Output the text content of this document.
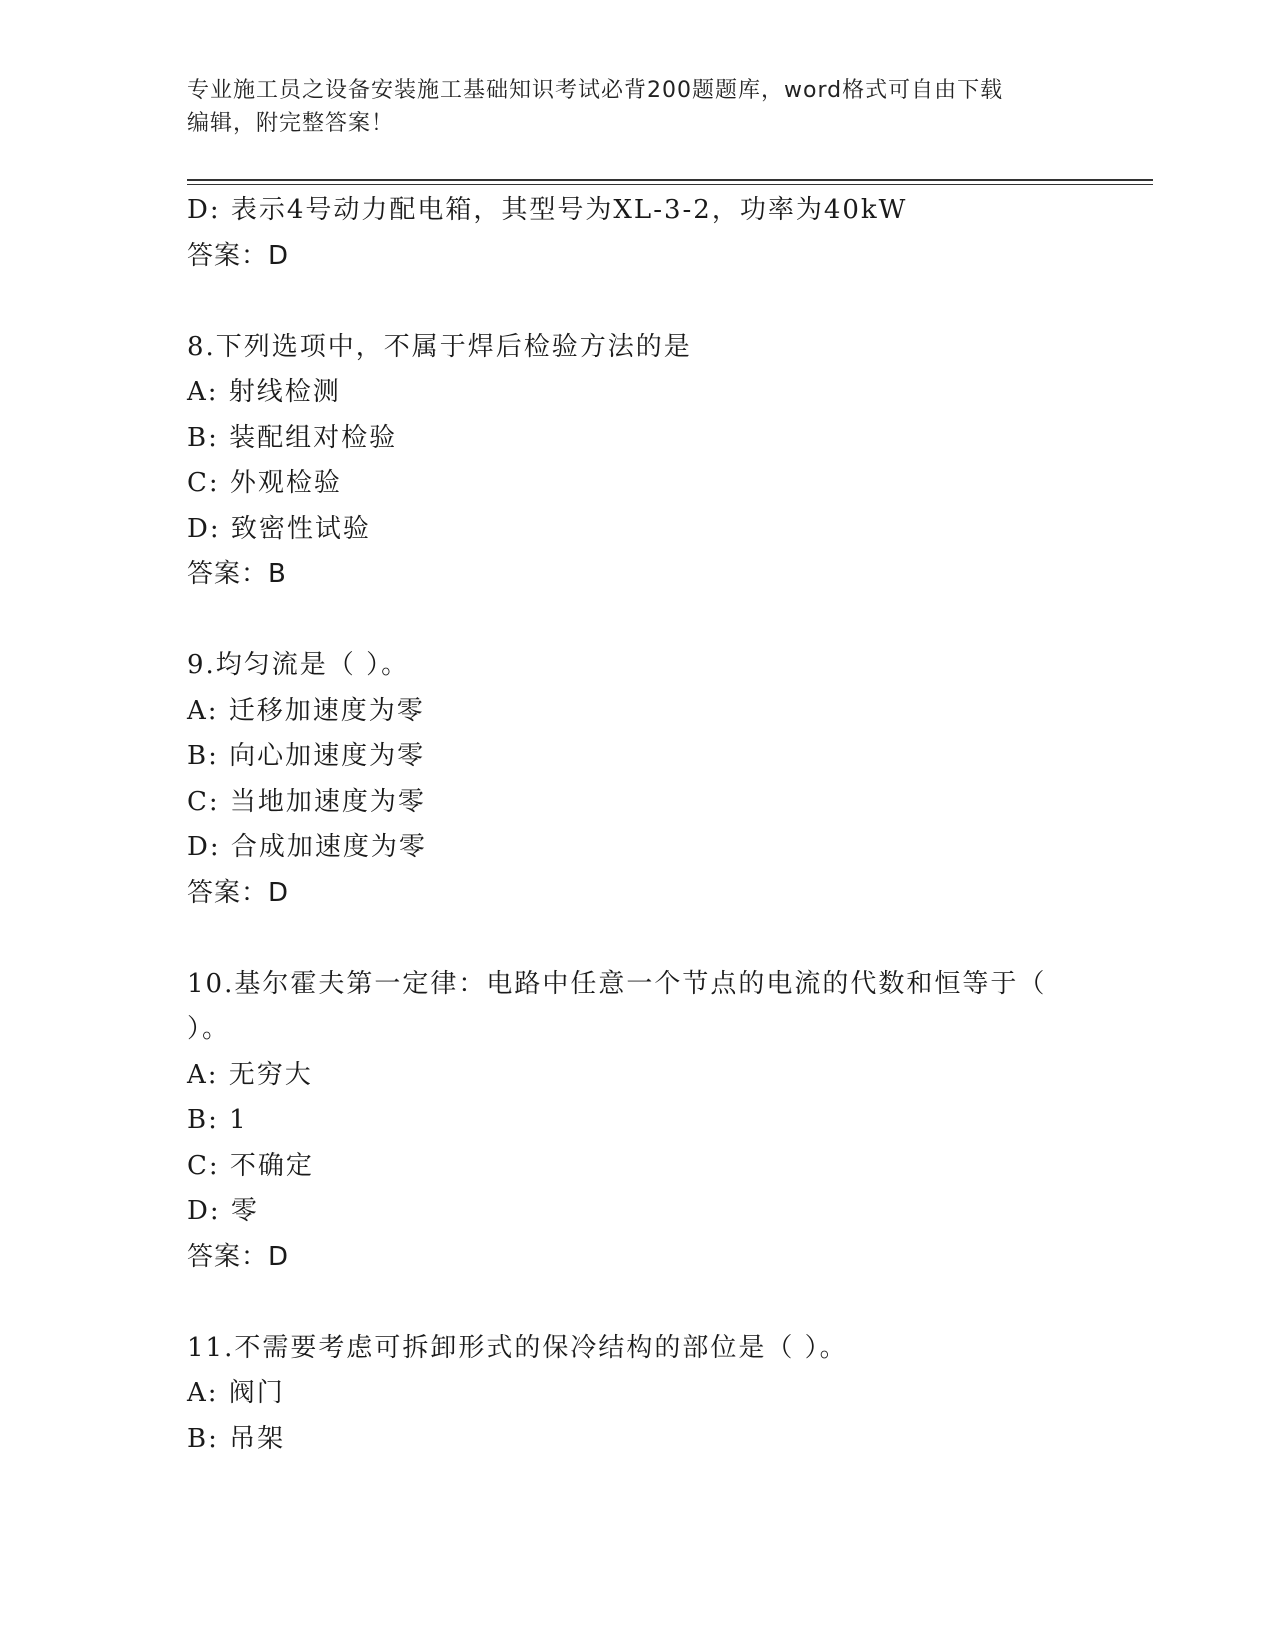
专业施工员之设备安装施工基础知识考试必背200题题库，word格式可自由下载
编辑，附完整答案！
D: 表示4号动力配电箱，其型号为XL-3-2，功率为40kW
答案：D
8.下列选项中，不属于焊后检验方法的是
A: 射线检测
B: 装配组对检验
C: 外观检验
D: 致密性试验
答案：B
9.均匀流是（ ）。
A: 迁移加速度为零
B: 向心加速度为零
C: 当地加速度为零
D: 合成加速度为零
答案：D
10.基尔霍夫第一定律：电路中任意一个节点的电流的代数和恒等于（
）。
A: 无穷大
B: 1
C: 不确定
D: 零
答案：D
11.不需要考虑可拆卸形式的保冷结构的部位是（ ）。
A: 阀门
B: 吊架
